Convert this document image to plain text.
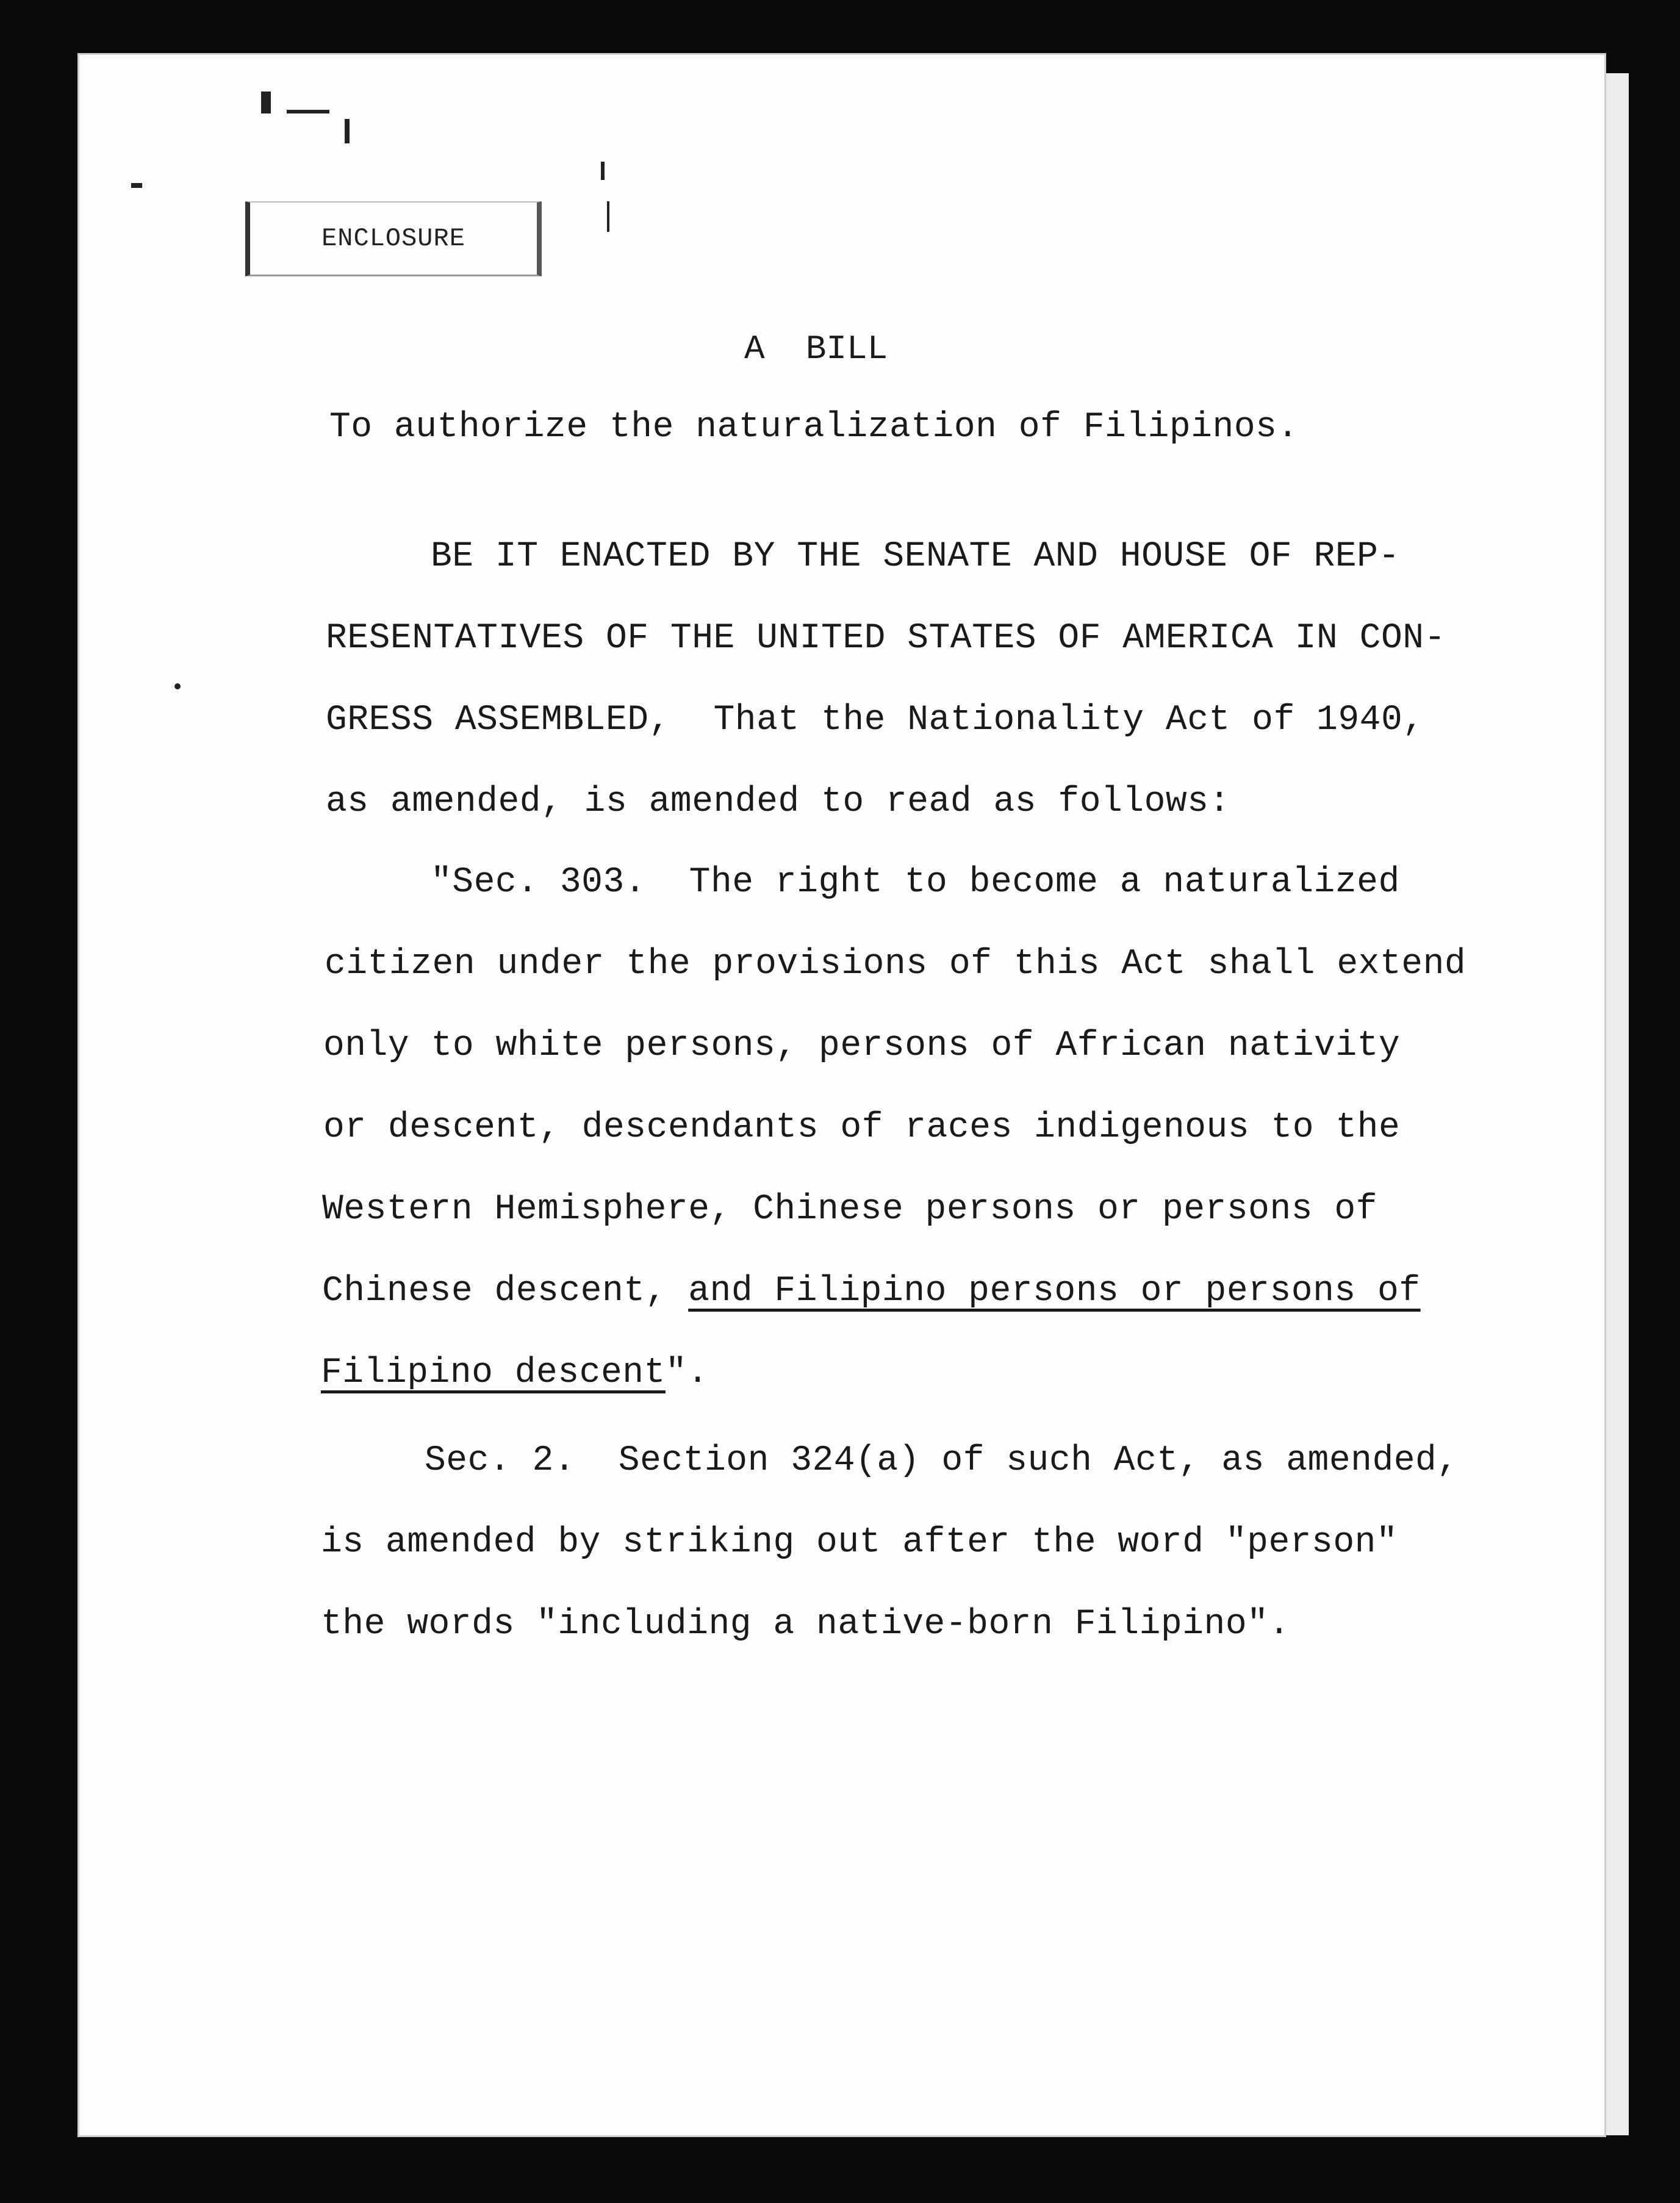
ENCLOSURE
A  BILL
To authorize the naturalization of Filipinos.
BE IT ENACTED BY THE SENATE AND HOUSE OF REP-
RESENTATIVES OF THE UNITED STATES OF AMERICA IN CON-
GRESS ASSEMBLED,  That the Nationality Act of 1940,
as amended, is amended to read as follows:
"Sec. 303.  The right to become a naturalized
citizen under the provisions of this Act shall extend
only to white persons, persons of African nativity
or descent, descendants of races indigenous to the
Western Hemisphere, Chinese persons or persons of
Chinese descent, and Filipino persons or persons of
Filipino descent".
Sec. 2.  Section 324(a) of such Act, as amended,
is amended by striking out after the word "person"
the words "including a native-born Filipino".
